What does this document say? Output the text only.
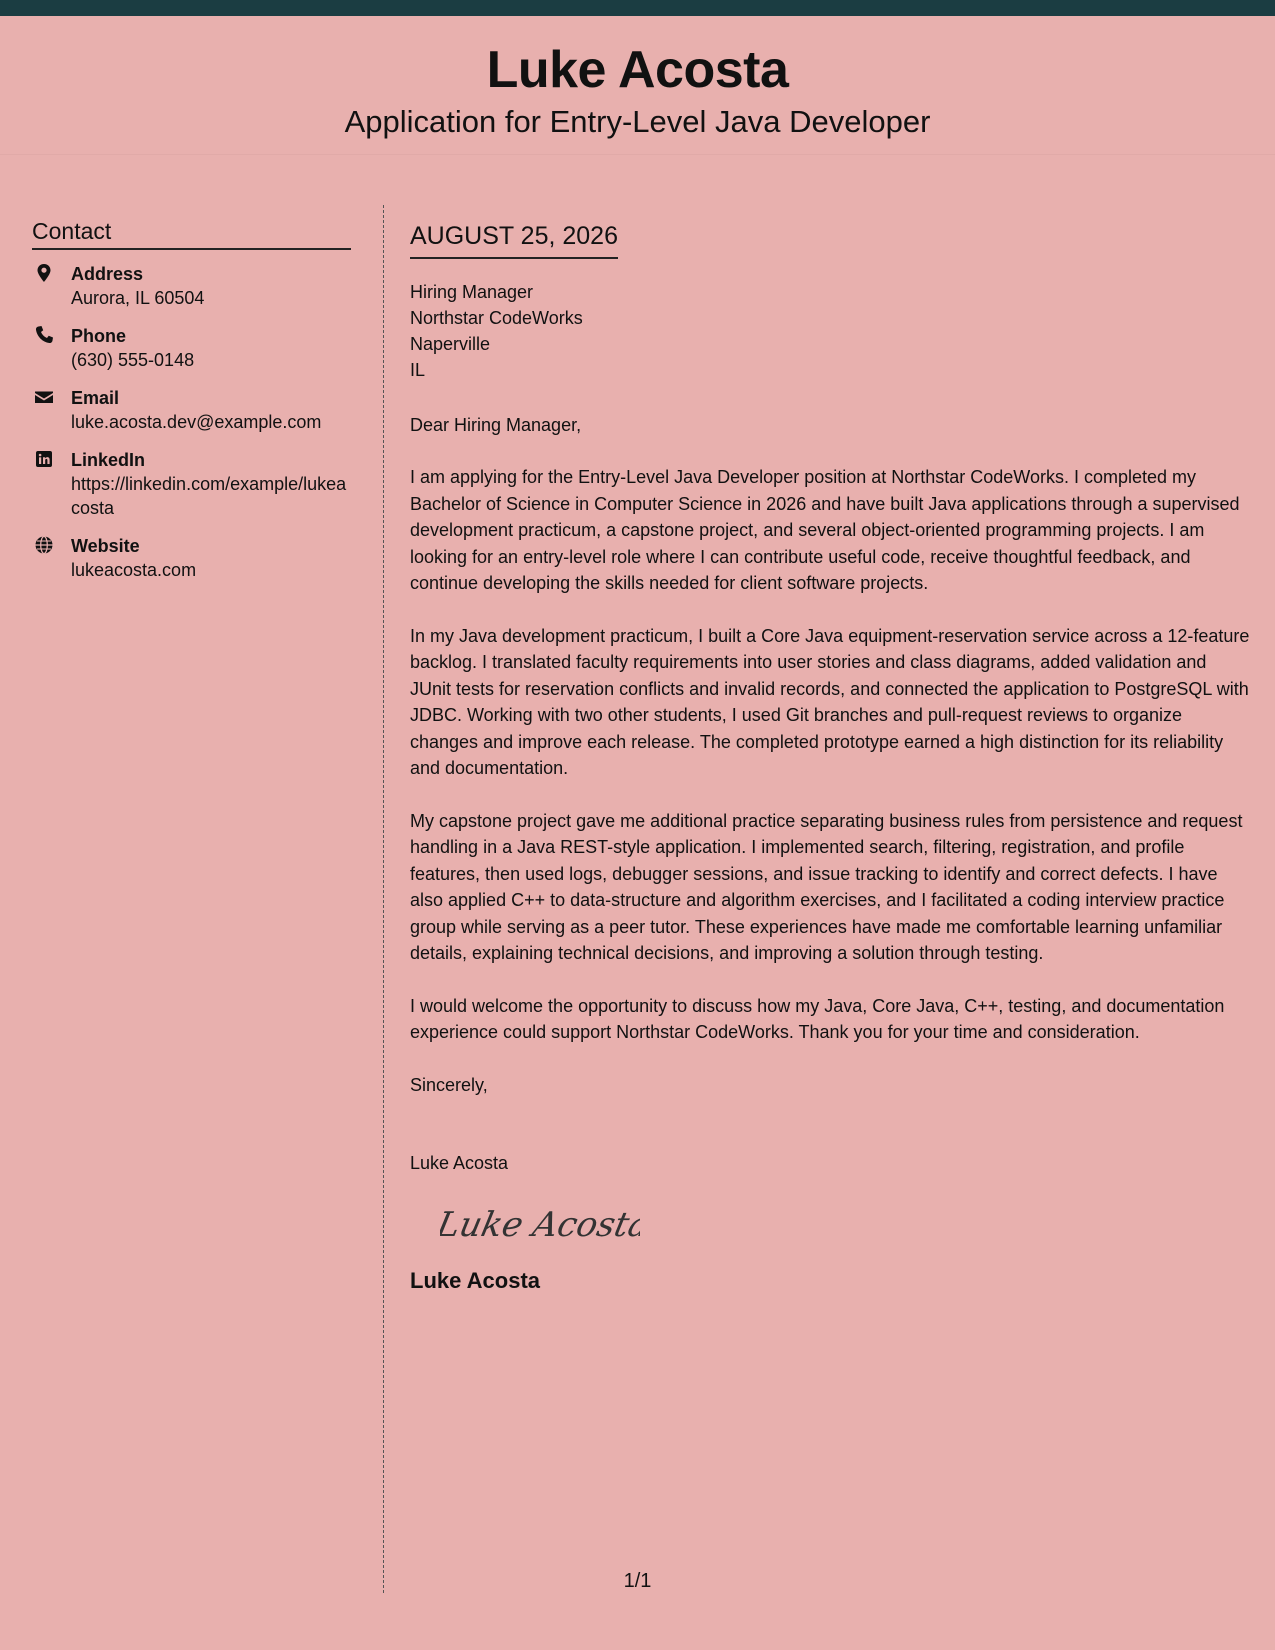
Luke Acosta
Application for Entry-Level Java Developer
Contact
Address
Aurora, IL 60504
Phone
(630) 555-0148
Email
luke.acosta.dev@example.com
LinkedIn
https://linkedin.com/example/lukeacosta
Website
lukeacosta.com
AUGUST 25, 2026
Hiring Manager
Northstar CodeWorks
Naperville
IL
Dear Hiring Manager,
I am applying for the Entry-Level Java Developer position at Northstar CodeWorks. I completed my Bachelor of Science in Computer Science in 2026 and have built Java applications through a supervised development practicum, a capstone project, and several object-oriented programming projects. I am looking for an entry-level role where I can contribute useful code, receive thoughtful feedback, and continue developing the skills needed for client software projects.
In my Java development practicum, I built a Core Java equipment-reservation service across a 12-feature backlog. I translated faculty requirements into user stories and class diagrams, added validation and JUnit tests for reservation conflicts and invalid records, and connected the application to PostgreSQL with JDBC. Working with two other students, I used Git branches and pull-request reviews to organize changes and improve each release. The completed prototype earned a high distinction for its reliability and documentation.
My capstone project gave me additional practice separating business rules from persistence and request handling in a Java REST-style application. I implemented search, filtering, registration, and profile features, then used logs, debugger sessions, and issue tracking to identify and correct defects. I have also applied C++ to data-structure and algorithm exercises, and I facilitated a coding interview practice group while serving as a peer tutor. These experiences have made me comfortable learning unfamiliar details, explaining technical decisions, and improving a solution through testing.
I would welcome the opportunity to discuss how my Java, Core Java, C++, testing, and documentation experience could support Northstar CodeWorks. Thank you for your time and consideration.
Sincerely,
Luke Acosta
Luke Acosta
Luke Acosta
1/1
